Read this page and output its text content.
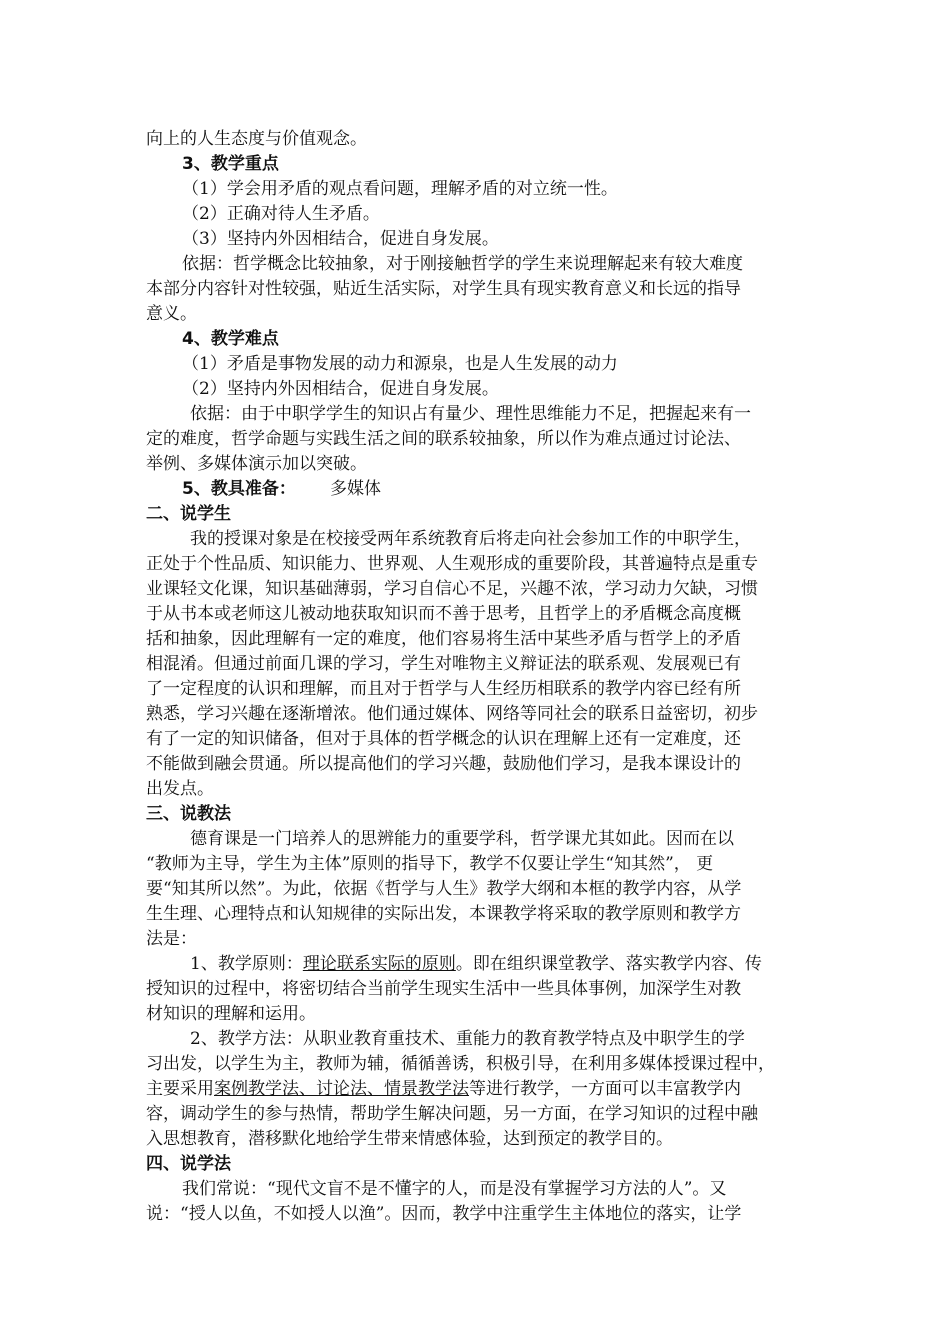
向上的人生态度与价值观念。
3、教学重点
（1）学会用矛盾的观点看问题，理解矛盾的对立统一性。
（2）正确对待人生矛盾。
（3）坚持内外因相结合，促进自身发展。
依据：哲学概念比较抽象，对于刚接触哲学的学生来说理解起来有较大难度
本部分内容针对性较强，贴近生活实际，对学生具有现实教育意义和长远的指导
意义。
4、教学难点
（1）矛盾是事物发展的动力和源泉，也是人生发展的动力
（2）坚持内外因相结合，促进自身发展。
依据：由于中职学学生的知识占有量少、理性思维能力不足，把握起来有一
定的难度，哲学命题与实践生活之间的联系较抽象，所以作为难点通过讨论法、
举例、多媒体演示加以突破。
5、教具准备： 多媒体
二、说学生
我的授课对象是在校接受两年系统教育后将走向社会参加工作的中职学生，
正处于个性品质、知识能力、世界观、人生观形成的重要阶段，其普遍特点是重专
业课轻文化课，知识基础薄弱，学习自信心不足，兴趣不浓，学习动力欠缺，习惯
于从书本或老师这儿被动地获取知识而不善于思考，且哲学上的矛盾概念高度概
括和抽象，因此理解有一定的难度，他们容易将生活中某些矛盾与哲学上的矛盾
相混淆。但通过前面几课的学习，学生对唯物主义辩证法的联系观、发展观已有
了一定程度的认识和理解，而且对于哲学与人生经历相联系的教学内容已经有所
熟悉，学习兴趣在逐渐增浓。他们通过媒体、网络等同社会的联系日益密切，初步
有了一定的知识储备，但对于具体的哲学概念的认识在理解上还有一定难度，还
不能做到融会贯通。所以提高他们的学习兴趣，鼓励他们学习，是我本课设计的
出发点。
三、说教法
德育课是一门培养人的思辨能力的重要学科，哲学课尤其如此。因而在以
“教师为主导，学生为主体”原则的指导下，教学不仅要让学生“知其然”， 更
要“知其所以然”。为此，依据《哲学与人生》教学大纲和本框的教学内容，从学
生生理、心理特点和认知规律的实际出发，本课教学将采取的教学原则和教学方
法是：
1、教学原则：理论联系实际的原则。即在组织课堂教学、落实教学内容、传
授知识的过程中，将密切结合当前学生现实生活中一些具体事例，加深学生对教
材知识的理解和运用。
2、教学方法：从职业教育重技术、重能力的教育教学特点及中职学生的学
习出发，以学生为主，教师为辅，循循善诱，积极引导，在利用多媒体授课过程中，
主要采用案例教学法、讨论法、情景教学法等进行教学，一方面可以丰富教学内
容，调动学生的参与热情，帮助学生解决问题，另一方面，在学习知识的过程中融
入思想教育，潜移默化地给学生带来情感体验，达到预定的教学目的。
四、说学法
我们常说：“现代文盲不是不懂字的人，而是没有掌握学习方法的人”。又
说：“授人以鱼，不如授人以渔”。因而，教学中注重学生主体地位的落实，让学
